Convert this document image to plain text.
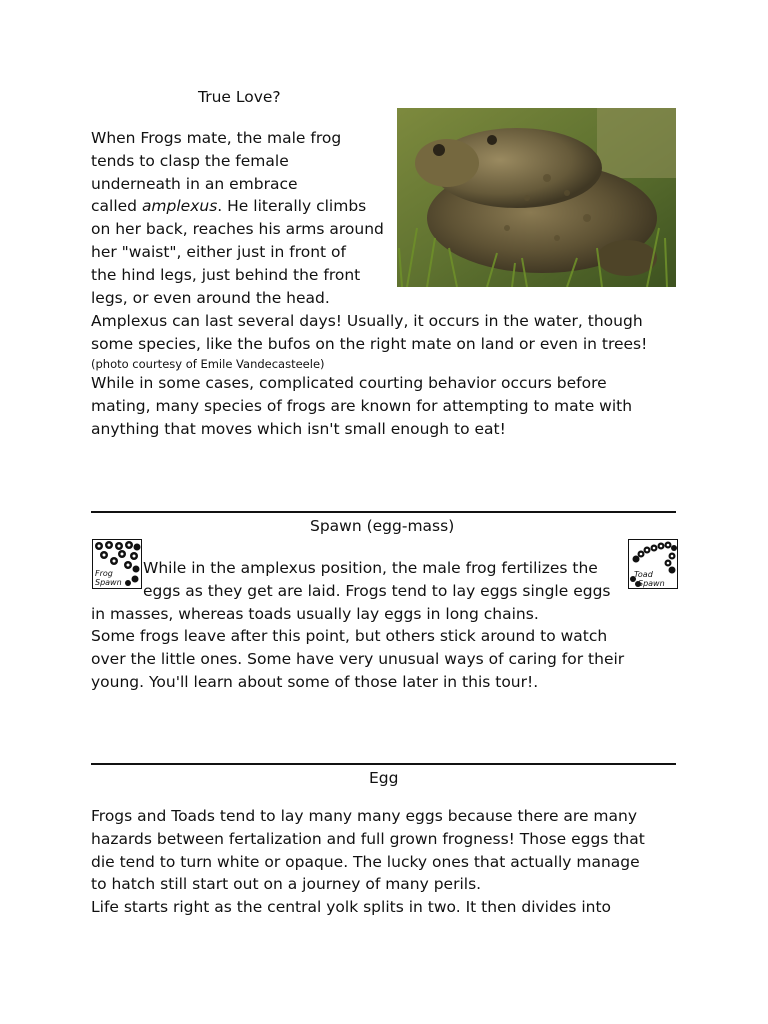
True Love?
When Frogs mate, the male frog
tends to clasp the female
underneath in an embrace
called amplexus. He literally climbs
on her back, reaches his arms around
her "waist", either just in front of
the hind legs, just behind the front
legs, or even around the head.
Amplexus can last several days! Usually, it occurs in the water, though
some species, like the bufos on the right mate on land or even in trees!
(photo courtesy of Emile Vandecasteele)
While in some cases, complicated courting behavior occurs before
mating, many species of frogs are known for attempting to mate with
anything that moves which isn't small enough to eat!
Spawn (egg-mass)
Frog
Spawn
Toad
Spawn
While in the amplexus position, the male frog fertilizes the
eggs as they get are laid. Frogs tend to lay eggs single eggs
in masses, whereas toads usually lay eggs in long chains.
Some frogs leave after this point, but others stick around to watch
over the little ones. Some have very unusual ways of caring for their
young. You'll learn about some of those later in this tour!.
Egg
Frogs and Toads tend to lay many many eggs because there are many
hazards between fertalization and full grown frogness! Those eggs that
die tend to turn white or opaque. The lucky ones that actually manage
to hatch still start out on a journey of many perils.
Life starts right as the central yolk splits in two. It then divides into
